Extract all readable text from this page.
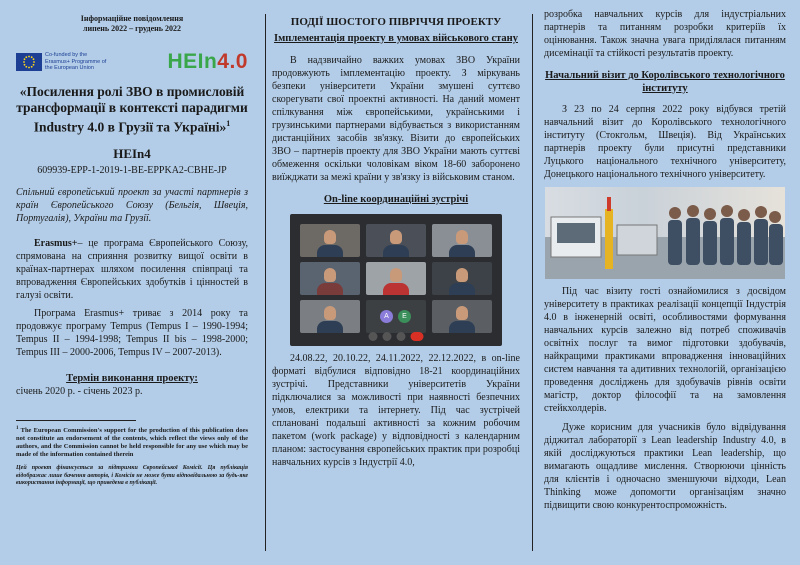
Інформаційне повідомлення

липень 2022 – грудень 2022

Co-funded by the Erasmus+ Programme of the European Union	HEIn4.0

«Посилення ролі ЗВО в промисловій трансформації в контексті парадигми Industry 4.0 в Грузії та Україні»$^1$

HEIn4

609939-EPP-1-2019-1-BE-EPPKA2-CBHE-JP

Спільний європейський проект за участі партнерів з країн Європейського Союзу (Бельгія, Швеція, Португалія), України та Грузії.

Erasmus+– це програма Європейського Союзу, спрямована на сприяння розвитку вищої освіти в країнах-партнерах шляхом посилення співпраці та впровадження Європейських здобутків і цінностей в галузі освіти.

Програма Erasmus+ триває з 2014 року та продовжує програму Tempus (Tempus I – 1990-1994; Tempus II – 1994-1998; Tempus II bis – 1998-2000; Tempus III – 2000-2006, Tempus IV – 2007-2013).

Термін виконання проекту:

січень 2020 р. - січень 2023 р.

$^1$ The European Commission's support for the production of this publication does not constitute an endorsement of the contents, which reflect the views only of the authors, and the Commission cannot be held responsible for any use which may be made of the information contained therein

Цей проект фінансується за підтримки Європейської Комісії. Ця публікація відображає лише бачення авторів, і Комісія не може бути відповідальною за будь-яке використання інформації, що приведена в публікації.

ПОДІЇ ШОСТОГО ПІВРІЧЧЯ ПРОЕКТУ

Імплементація проекту в умовах військового стану

В надзвичайно важких умовах ЗВО України продовжують імплементацію проекту. З міркувань безпеки університети України змушені суттєво скорегувати свої проектні активності. На даний момент спілкування між європейськими, українськими і грузинськими партнерами відбувається з використанням дистанційних засобів зв'язку. Візити до європейських ЗВО – партнерів проекту для ЗВО України мають суттєві обмеження оскільки чоловікам віком 18-60 заборонено виїжджати за межі країни у зв'язку із військовим станом.

On-line координаційні зустрічі

A	E

24.08.22, 20.10.22, 24.11.2022, 22.12.2022, в on-line форматі відбулися відповідно 18-21 координаційних зустрічі. Представники університетів України підключалися за можливості при наявності безпечних умов, електрики та інтернету. Під час зустрічей сплановані подальші активності за кожним робочим пакетом (work package) у відповідності з календарним планом: застосування європейських практик при розробці навчальних курсів з Індустрії 4.0,

розробка навчальних курсів для індустріальних партнерів та питанням розробки критеріїв їх оцінювання. Також значна увага приділялася питанням дисемінації та стійкості результатів проекту.

Начальний візит до Королівського технологічного інституту

З 23 по 24 серпня 2022 року відбувся третій навчальний візит до Королівського технологічного інституту (Стокгольм, Швеція). Від Українських партнерів проекту були присутні представники Луцького національного технічного університету, Донецького національного технічного університету.

Під час візиту гості ознайомилися з досвідом університету в практиках реалізації концепції Індустрія 4.0 в інженерній освіті, особливостями формування навчальних курсів залежно від потреб споживачів освітніх послуг та вимог підготовки здобувачів, найкращими практиками впровадження інноваційних систем навчання та адитивних технологій, організацією проведення досліджень для здобувачів рівнів освіти магістр, доктор філософії та на замовлення стейкхолдерів.

Дуже корисним для учасників було відвідування діджитал лабораторії з Lean leadership Industry 4.0, в якій досліджуються практики Lean leadership, що вимагають ощадливе мислення. Створюючи цінність для клієнтів і одночасно зменшуючи відходи, Lean Thinking може допомогти організаціям значно підвищити свою конкурентоспроможність.
